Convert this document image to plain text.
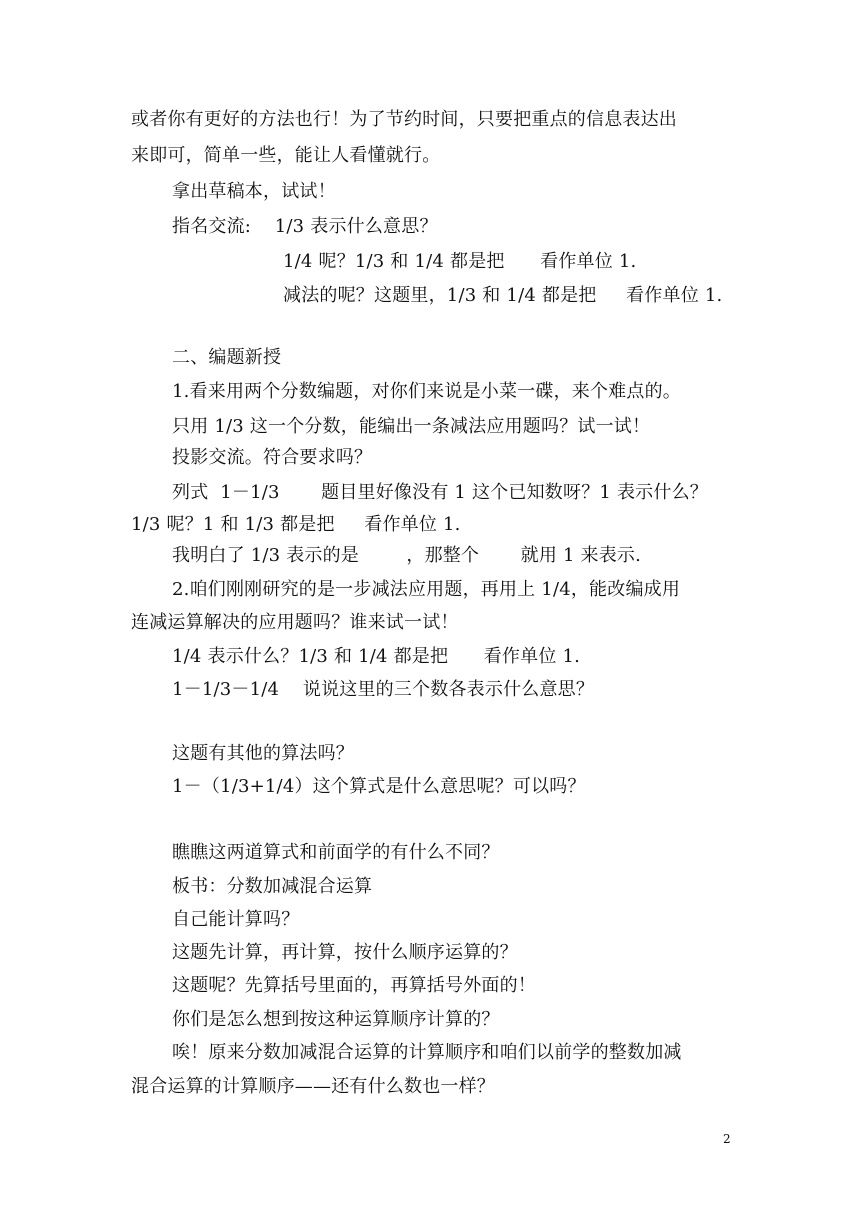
或者你有更好的方法也行！为了节约时间，只要把重点的信息表达出
来即可，简单一些，能让人看懂就行。
拿出草稿本，试试！
指名交流:    1/3 表示什么意思？
1/4 呢？1/3 和 1/4 都是把      看作单位 1.
减法的呢？这题里，1/3 和 1/4 都是把     看作单位 1.
二、编题新授
1.看来用两个分数编题，对你们来说是小菜一碟，来个难点的。
只用 1/3 这一个分数，能编出一条减法应用题吗？试一试！
投影交流。符合要求吗？
列式  1－1/3       题目里好像没有 1 这个已知数呀？1 表示什么？
1/3 呢？1 和 1/3 都是把     看作单位 1.
我明白了 1/3 表示的是        ，那整个       就用 1 来表示.
2.咱们刚刚研究的是一步减法应用题，再用上 1/4，能改编成用
连减运算解决的应用题吗？谁来试一试！
1/4 表示什么？1/3 和 1/4 都是把      看作单位 1.
1－1/3－1/4    说说这里的三个数各表示什么意思？
这题有其他的算法吗？
1－（1/3+1/4）这个算式是什么意思呢？可以吗？
瞧瞧这两道算式和前面学的有什么不同？
板书：分数加减混合运算
自己能计算吗？
这题先计算，再计算，按什么顺序运算的？
这题呢？先算括号里面的，再算括号外面的！
你们是怎么想到按这种运算顺序计算的？
唉！原来分数加减混合运算的计算顺序和咱们以前学的整数加减
混合运算的计算顺序——还有什么数也一样？
2
